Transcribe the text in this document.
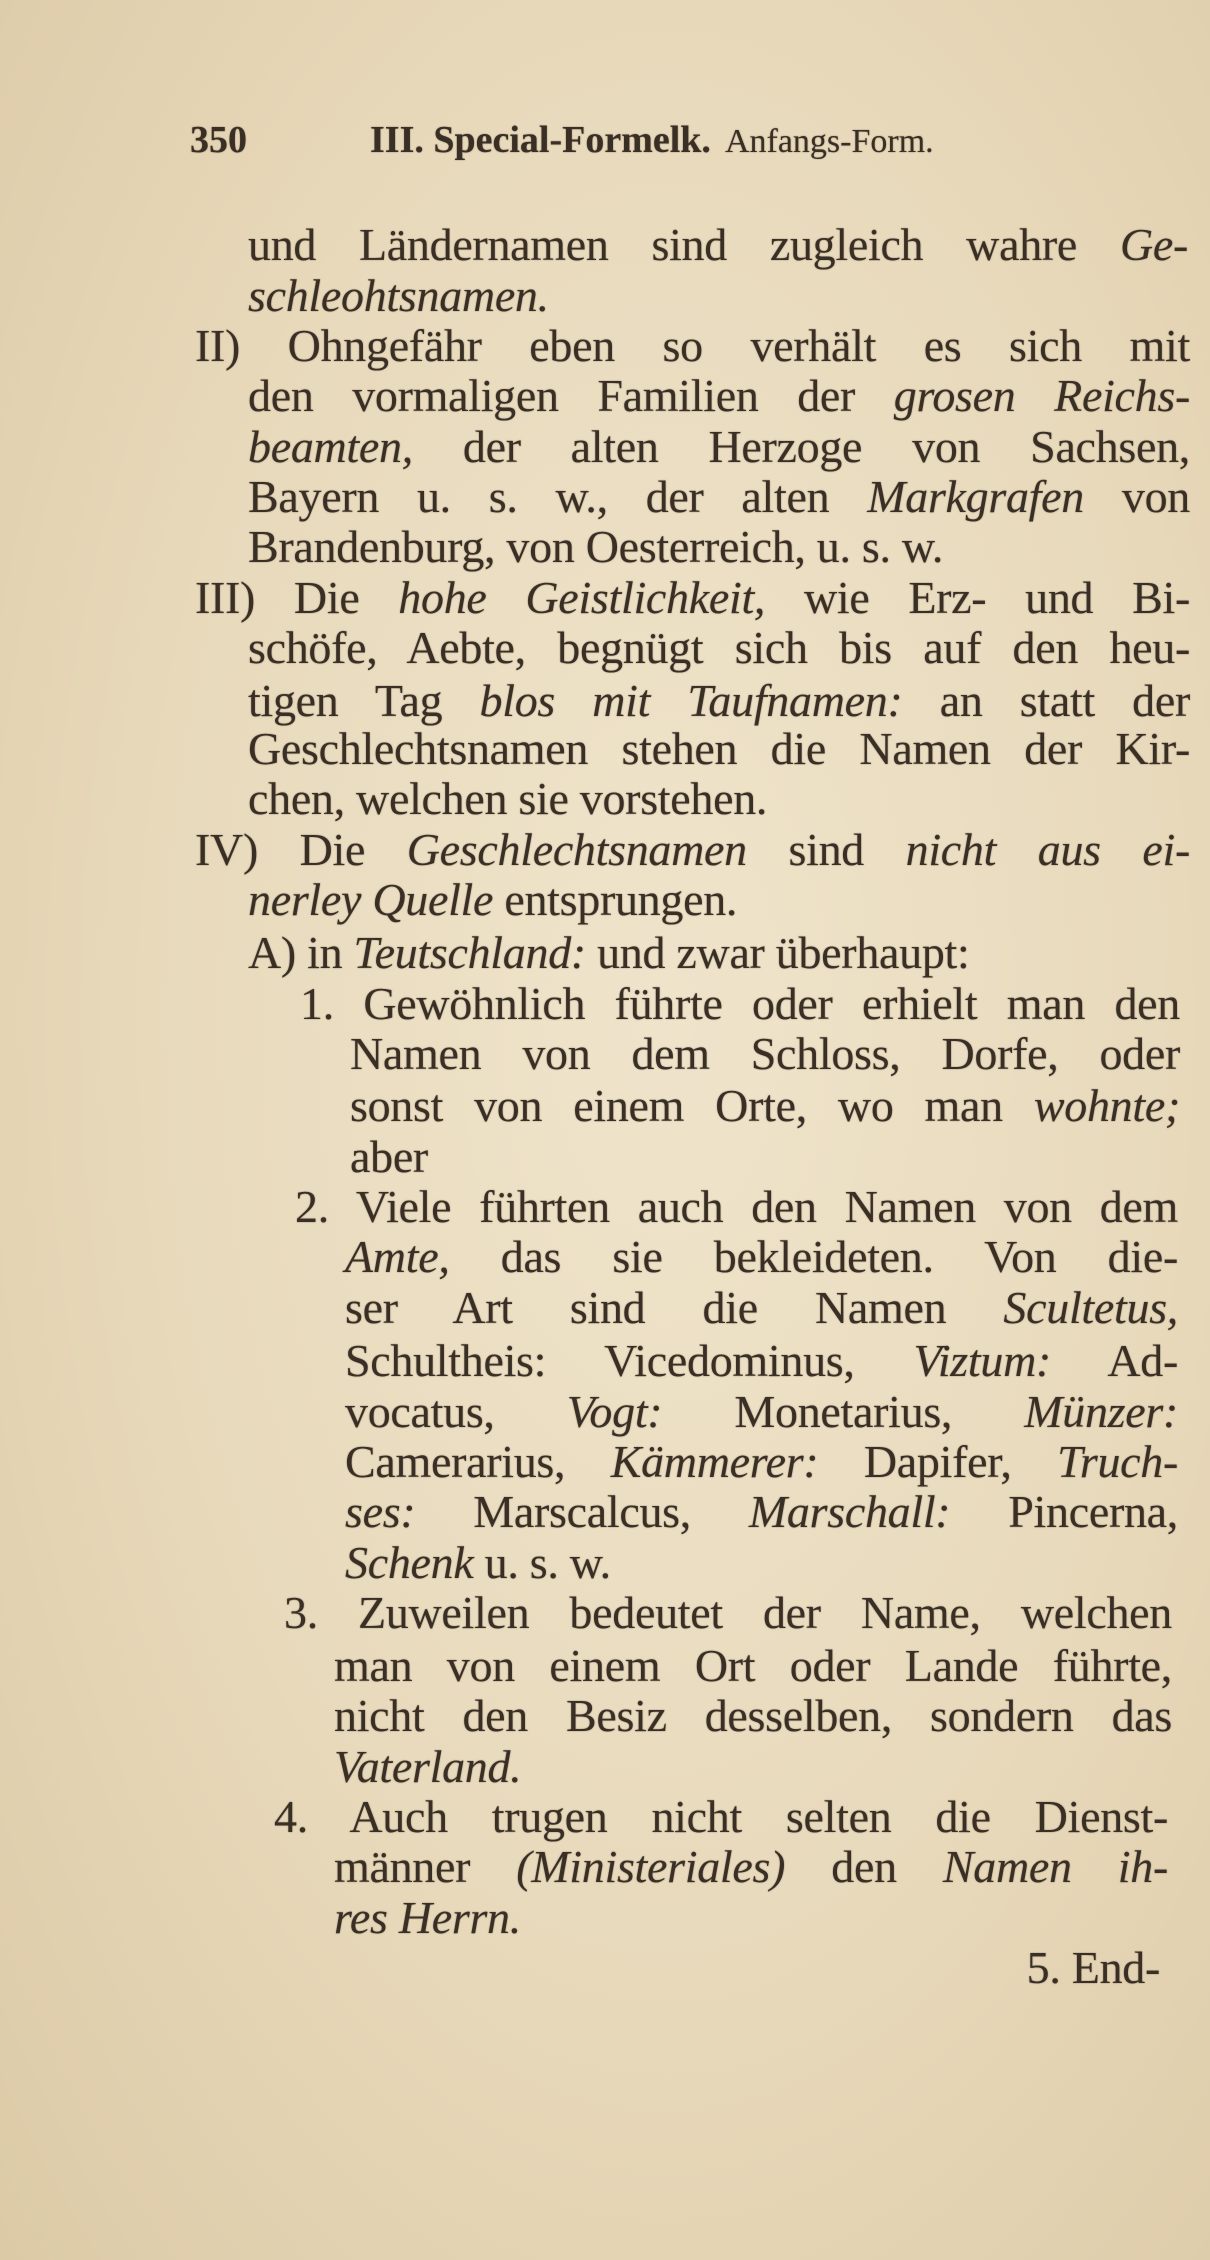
350	III. Special-Formelk. Anfangs-Form.
und Ländernamen sind zugleich wahre Ge-
schleohtsnamen.
II) Ohngefähr eben so verhält es sich mit
den vormaligen Familien der grosen Reichs-
beamten, der alten Herzoge von Sachsen,
Bayern u. s. w., der alten Markgrafen von
Brandenburg, von Oesterreich, u. s. w.
III) Die hohe Geistlichkeit, wie Erz- und Bi-
schöfe, Aebte, begnügt sich bis auf den heu-
tigen Tag blos mit Taufnamen: an statt der
Geschlechtsnamen stehen die Namen der Kir-
chen, welchen sie vorstehen.
IV) Die Geschlechtsnamen sind nicht aus ei-
nerley Quelle entsprungen.
A) in Teutschland: und zwar überhaupt:
1. Gewöhnlich führte oder erhielt man den
Namen von dem Schloss, Dorfe, oder
sonst von einem Orte, wo man wohnte;
aber
2. Viele führten auch den Namen von dem
Amte, das sie bekleideten. Von die-
ser Art sind die Namen Scultetus,
Schultheis: Vicedominus, Viztum: Ad-
vocatus, Vogt: Monetarius, Münzer:
Camerarius, Kämmerer: Dapifer, Truch-
ses: Marscalcus, Marschall: Pincerna,
Schenk u. s. w.
3. Zuweilen bedeutet der Name, welchen
man von einem Ort oder Lande führte,
nicht den Besiz desselben, sondern das
Vaterland.
4. Auch trugen nicht selten die Dienst-
männer (Ministeriales) den Namen ih-
res Herrn.
5. End-
